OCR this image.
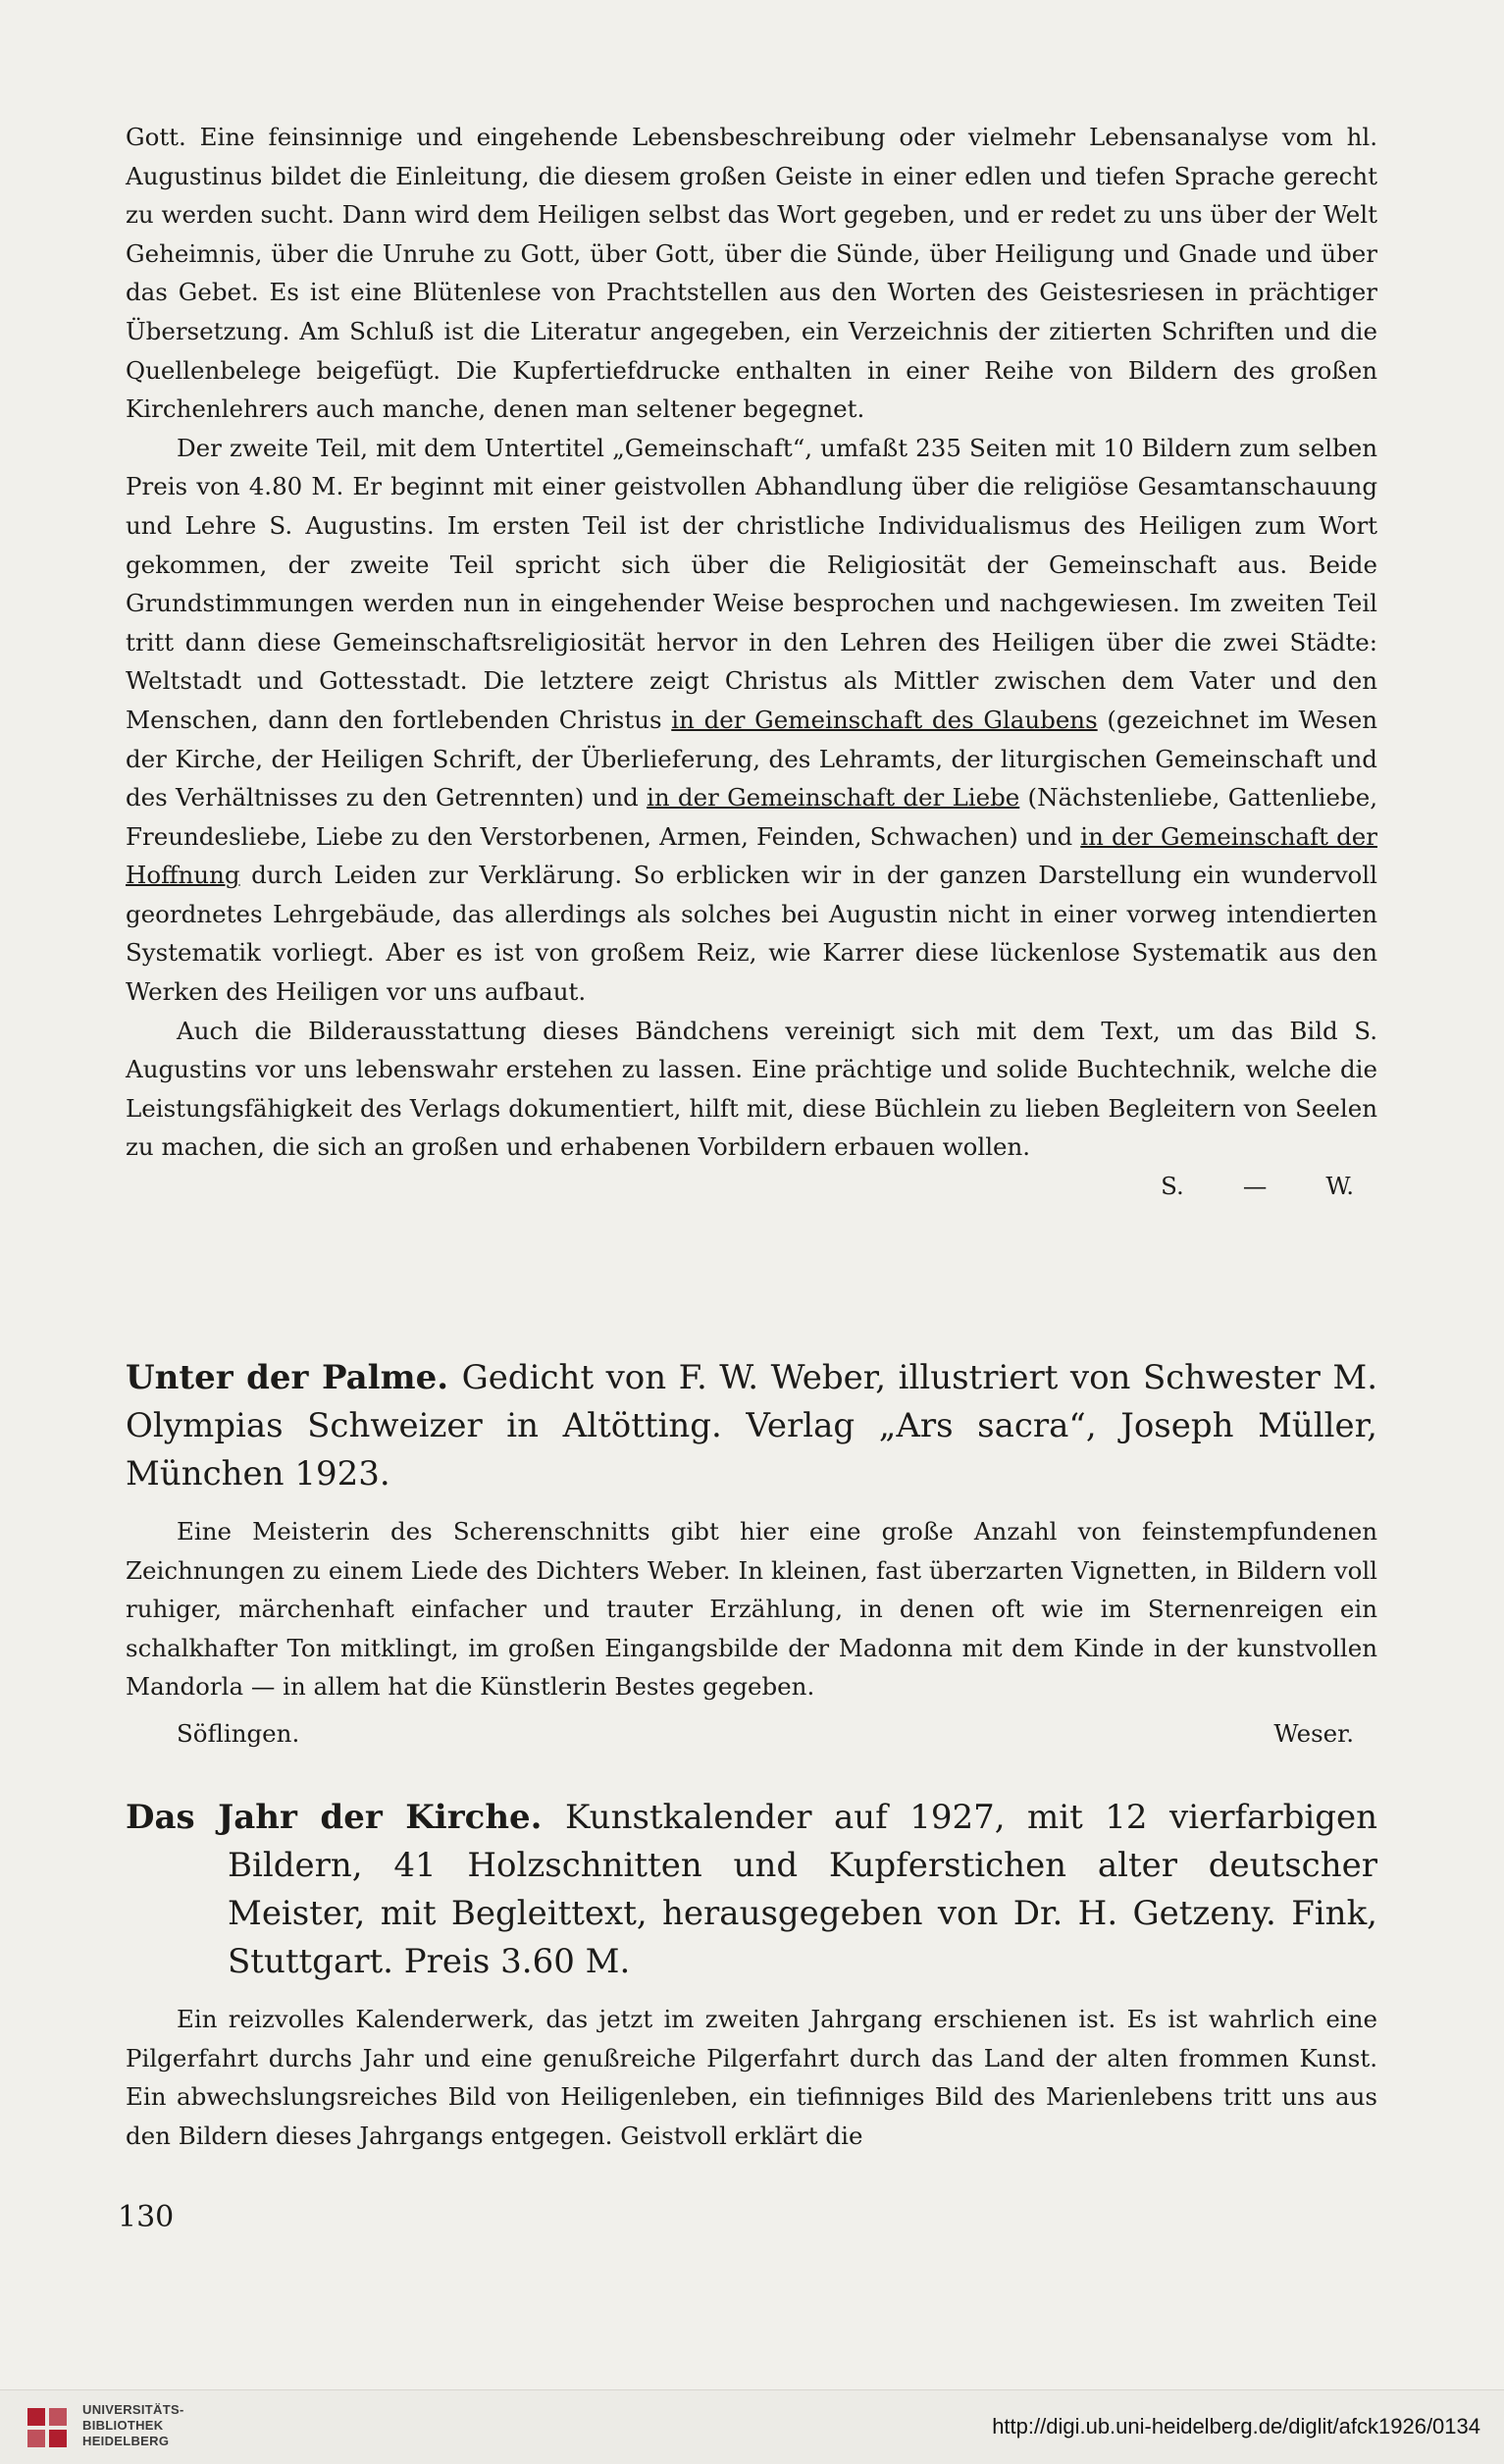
Gott. Eine feinsinnige und eingehende Lebensbeschreibung oder vielmehr Lebensanalyse vom hl. Augustinus bildet die Einleitung, die diesem großen Geiste in einer edlen und tiefen Sprache gerecht zu werden sucht. Dann wird dem Heiligen selbst das Wort gegeben, und er redet zu uns über der Welt Geheimnis, über die Unruhe zu Gott, über Gott, über die Sünde, über Heiligung und Gnade und über das Gebet. Es ist eine Blütenlese von Prachtstellen aus den Worten des Geistesriesen in prächtiger Übersetzung. Am Schluß ist die Literatur angegeben, ein Verzeichnis der zitierten Schriften und die Quellenbelege beigefügt. Die Kupfertiefdrucke enthalten in einer Reihe von Bildern des großen Kirchenlehrers auch manche, denen man seltener begegnet.

Der zweite Teil, mit dem Untertitel „Gemeinschaft“, umfaßt 235 Seiten mit 10 Bildern zum selben Preis von 4.80 M. Er beginnt mit einer geistvollen Abhandlung über die religiöse Gesamtanschauung und Lehre S. Augustins. Im ersten Teil ist der christliche Individualismus des Heiligen zum Wort gekommen, der zweite Teil spricht sich über die Religiosität der Gemeinschaft aus. Beide Grundstimmungen werden nun in eingehender Weise besprochen und nachgewiesen. Im zweiten Teil tritt dann diese Gemeinschaftsreligiosität hervor in den Lehren des Heiligen über die zwei Städte: Weltstadt und Gottesstadt. Die letztere zeigt Christus als Mittler zwischen dem Vater und den Menschen, dann den fortlebenden Christus in der Gemeinschaft des Glaubens (gezeichnet im Wesen der Kirche, der Heiligen Schrift, der Überlieferung, des Lehramts, der liturgischen Gemeinschaft und des Verhältnisses zu den Getrennten) und in der Gemeinschaft der Liebe (Nächstenliebe, Gattenliebe, Freundesliebe, Liebe zu den Verstorbenen, Armen, Feinden, Schwachen) und in der Gemeinschaft der Hoffnung durch Leiden zur Verklärung. So erblicken wir in der ganzen Darstellung ein wundervoll geordnetes Lehrgebäude, das allerdings als solches bei Augustin nicht in einer vorweg intendierten Systematik vorliegt. Aber es ist von großem Reiz, wie Karrer diese lückenlose Systematik aus den Werken des Heiligen vor uns aufbaut.

Auch die Bilderausstattung dieses Bändchens vereinigt sich mit dem Text, um das Bild S. Augustins vor uns lebenswahr erstehen zu lassen. Eine prächtige und solide Buchtechnik, welche die Leistungsfähigkeit des Verlags dokumentiert, hilft mit, diese Büchlein zu lieben Begleitern von Seelen zu machen, die sich an großen und erhabenen Vorbildern erbauen wollen.

S. — W.

Unter der Palme. Gedicht von F. W. Weber, illustriert von Schwester M. Olympias Schweizer in Altötting. Verlag „Ars sacra“, Joseph Müller, München 1923.

Eine Meisterin des Scherenschnitts gibt hier eine große Anzahl von feinstempfundenen Zeichnungen zu einem Liede des Dichters Weber. In kleinen, fast überzarten Vignetten, in Bildern voll ruhiger, märchenhaft einfacher und trauter Erzählung, in denen oft wie im Sternenreigen ein schalkhafter Ton mitklingt, im großen Eingangsbilde der Madonna mit dem Kinde in der kunstvollen Mandorla — in allem hat die Künstlerin Bestes gegeben.

Söflingen.	Weser.

Das Jahr der Kirche. Kunstkalender auf 1927, mit 12 vierfarbigen Bildern, 41 Holzschnitten und Kupferstichen alter deutscher Meister, mit Begleittext, herausgegeben von Dr. H. Getzeny. Fink, Stuttgart. Preis 3.60 M.

Ein reizvolles Kalenderwerk, das jetzt im zweiten Jahrgang erschienen ist. Es ist wahrlich eine Pilgerfahrt durchs Jahr und eine genußreiche Pilgerfahrt durch das Land der alten frommen Kunst. Ein abwechslungsreiches Bild von Heiligenleben, ein tiefinniges Bild des Marienlebens tritt uns aus den Bildern dieses Jahrgangs entgegen. Geistvoll erklärt die

130
UNIVERSITÄTS-
BIBLIOTHEK
HEIDELBERG
http://digi.ub.uni-heidelberg.de/diglit/afck1926/0134
